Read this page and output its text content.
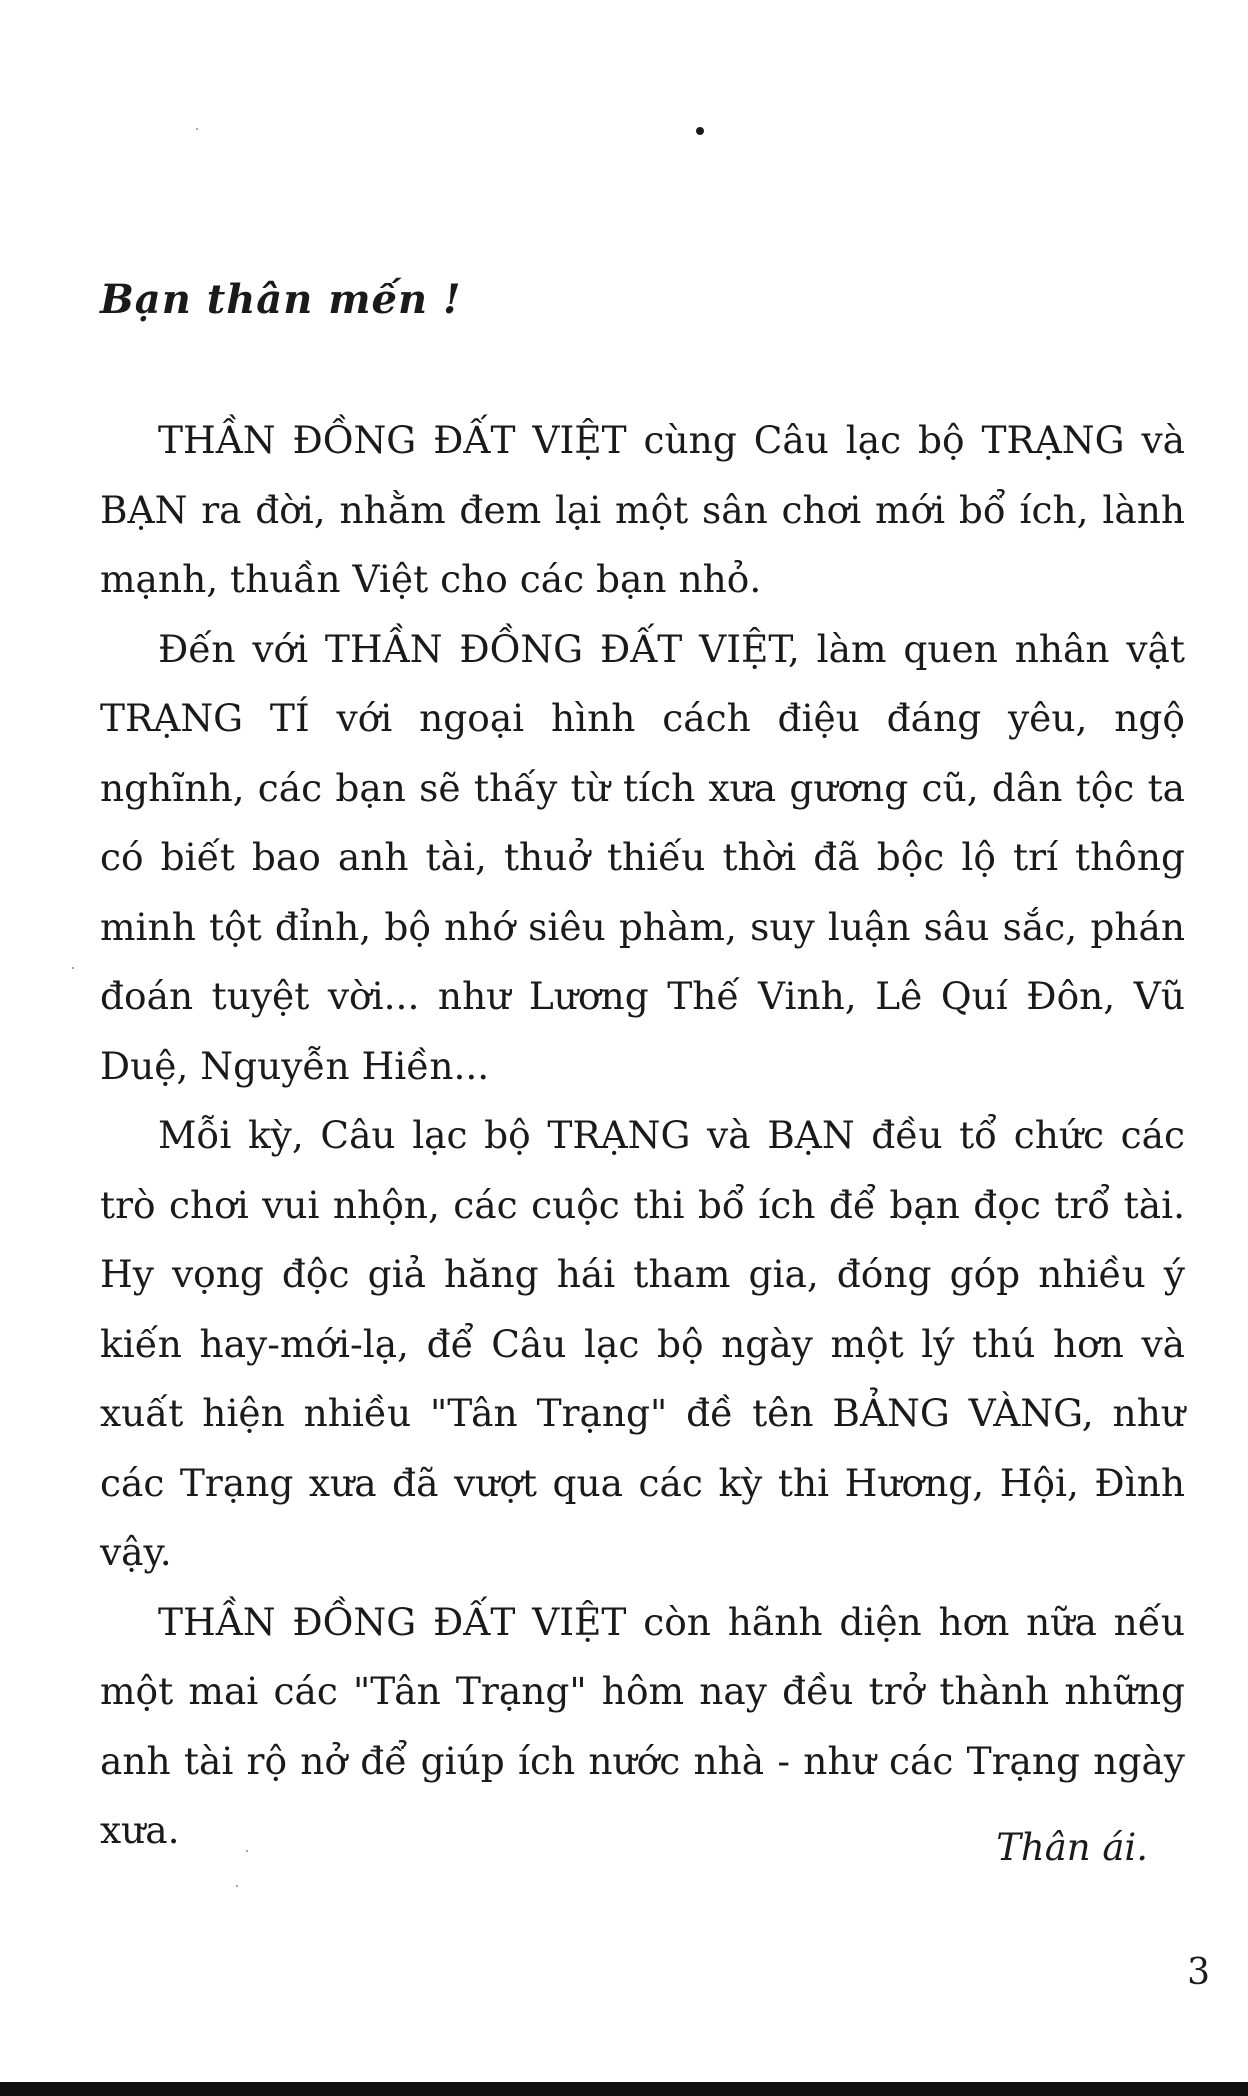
Bạn thân mến !

THẦN ĐỒNG ĐẤT VIỆT cùng Câu lạc bộ TRẠNG và BẠN ra đời, nhằm đem lại một sân chơi mới bổ ích, lành mạnh, thuần Việt cho các bạn nhỏ.

Đến với THẦN ĐỒNG ĐẤT VIỆT, làm quen nhân vật TRẠNG TÍ với ngoại hình cách điệu đáng yêu, ngộ nghĩnh, các bạn sẽ thấy từ tích xưa gương cũ, dân tộc ta có biết bao anh tài, thuở thiếu thời đã bộc lộ trí thông minh tột đỉnh, bộ nhớ siêu phàm, suy luận sâu sắc, phán đoán tuyệt vời... như Lương Thế Vinh, Lê Quí Đôn, Vũ Duệ, Nguyễn Hiền...

Mỗi kỳ, Câu lạc bộ TRẠNG và BẠN đều tổ chức các trò chơi vui nhộn, các cuộc thi bổ ích để bạn đọc trổ tài. Hy vọng độc giả hăng hái tham gia, đóng góp nhiều ý kiến hay-mới-lạ, để Câu lạc bộ ngày một lý thú hơn và xuất hiện nhiều "Tân Trạng" đề tên BẢNG VÀNG, như các Trạng xưa đã vượt qua các kỳ thi Hương, Hội, Đình vậy.

THẦN ĐỒNG ĐẤT VIỆT còn hãnh diện hơn nữa nếu một mai các "Tân Trạng" hôm nay đều trở thành những anh tài rộ nở để giúp ích nước nhà - như các Trạng ngày xưa.	Thân ái.

3
